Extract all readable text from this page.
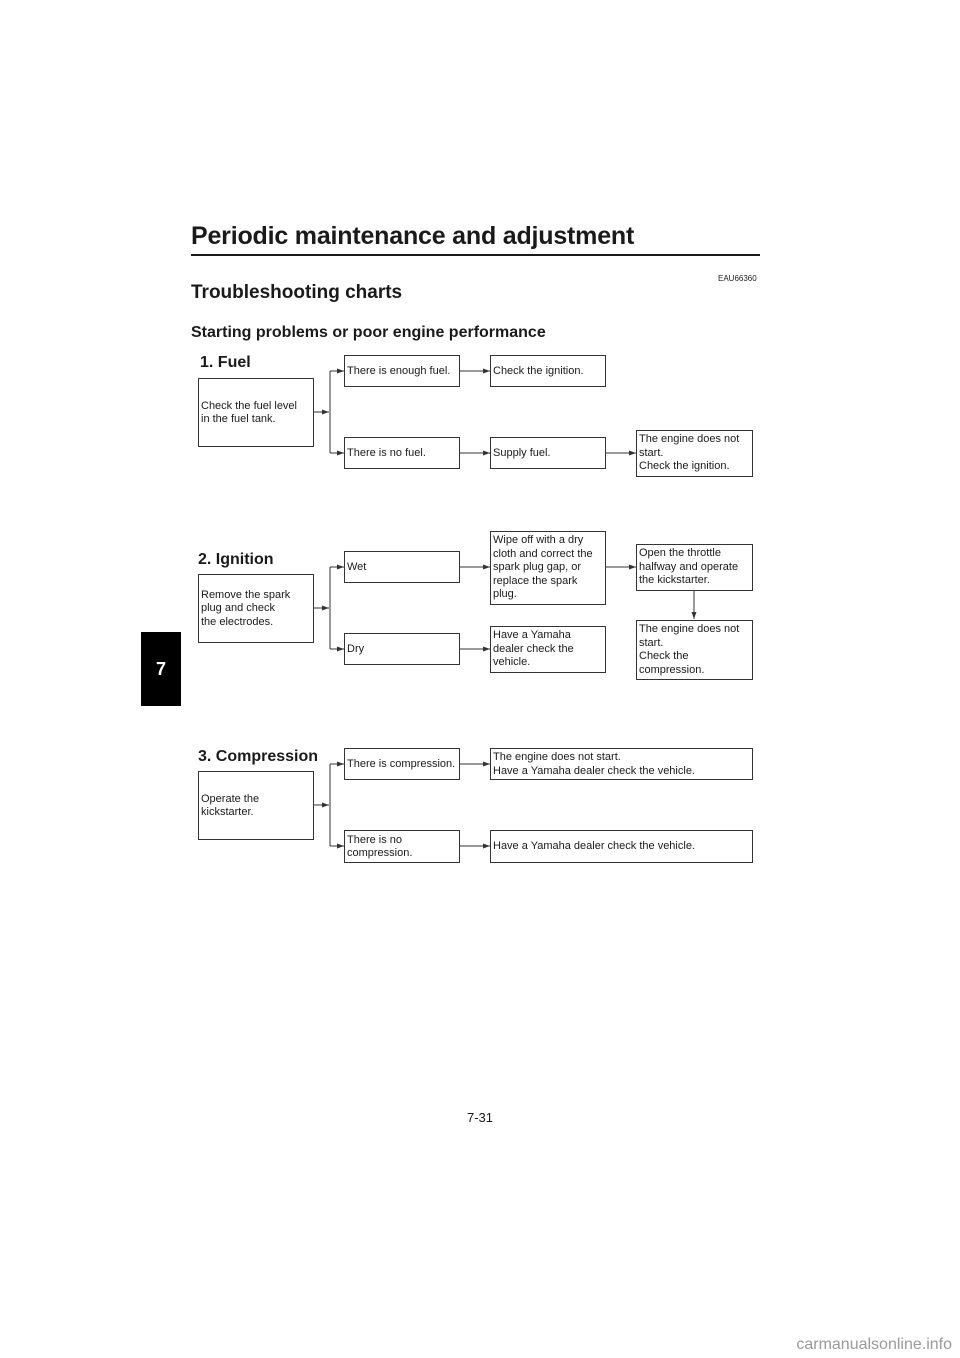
Periodic maintenance and adjustment
EAU66360
Troubleshooting charts
Starting problems or poor engine performance
7
1. Fuel
Check the fuel level
in the fuel tank.
There is enough fuel.	Check the ignition.
There is no fuel.	Supply fuel.
The engine does not
start.
Check the ignition.
2. Ignition
Remove the spark
plug and check
the electrodes.
Wet
Wipe off with a dry
cloth and correct the
spark plug gap, or
replace the spark
plug.
Open the throttle
halfway and operate
the kickstarter.
The engine does not
start.
Check the
compression.
Dry
Have a Yamaha
dealer check the
vehicle.
3. Compression
Operate the
kickstarter.
There is compression.
The engine does not start.
Have a Yamaha dealer check the vehicle.
There is no
compression.
Have a Yamaha dealer check the vehicle.
7-31
carmanualsonline.info
